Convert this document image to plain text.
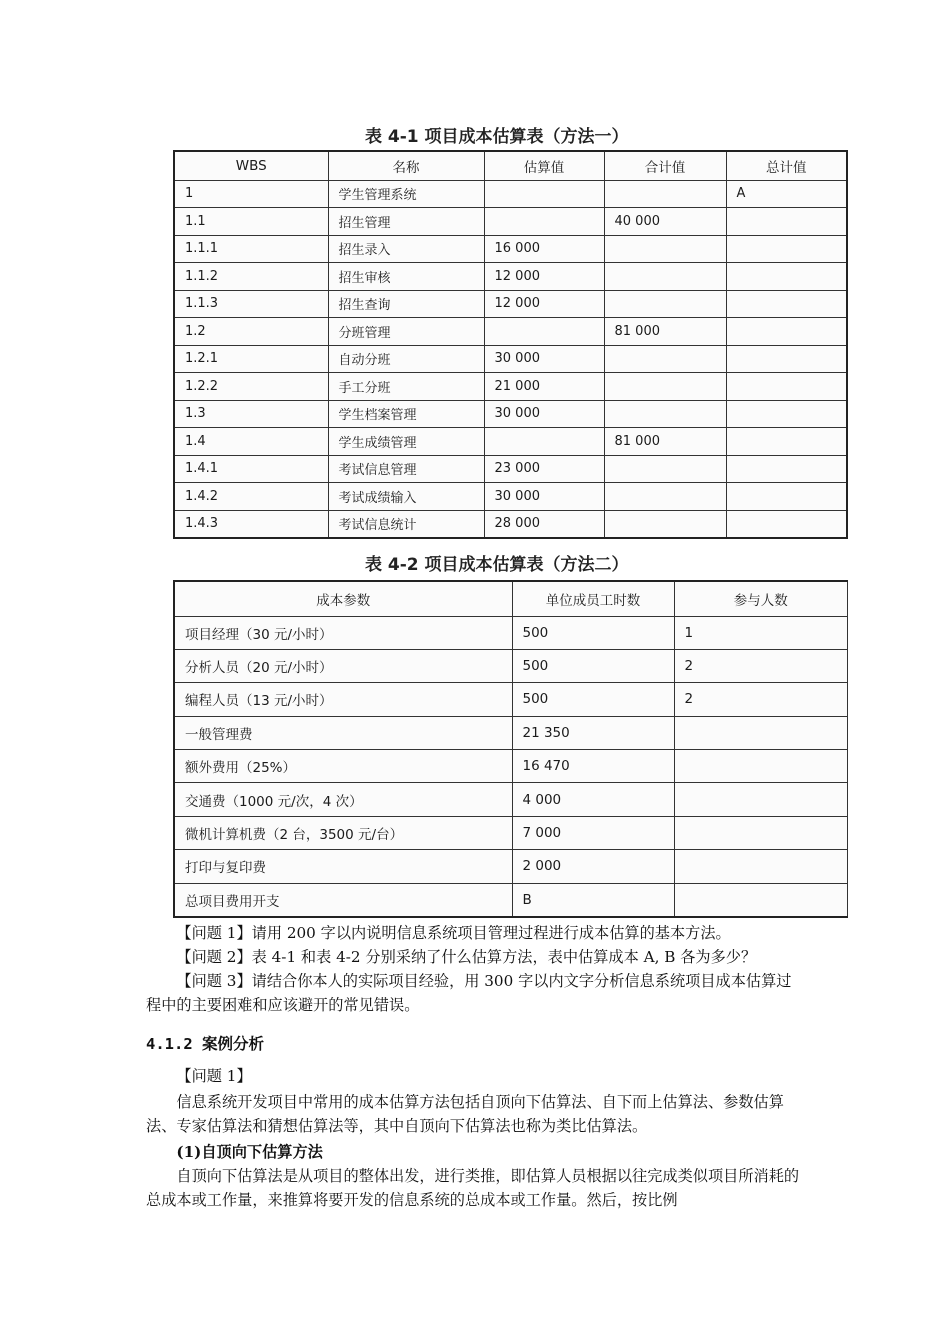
表 4-1 项目成本估算表（方法一）
WBS	名称	估算值	合计值	总计值
1	学生管理系统			A
1.1	招生管理		40 000	
1.1.1	招生录入	16 000		
1.1.2	招生审核	12 000		
1.1.3	招生查询	12 000		
1.2	分班管理		81 000	
1.2.1	自动分班	30 000		
1.2.2	手工分班	21 000		
1.3	学生档案管理	30 000		
1.4	学生成绩管理		81 000	
1.4.1	考试信息管理	23 000		
1.4.2	考试成绩输入	30 000		
1.4.3	考试信息统计	28 000		
表 4-2 项目成本估算表（方法二）
成本参数	单位成员工时数	参与人数
项目经理（30 元/小时）	500	1
分析人员（20 元/小时）	500	2
编程人员（13 元/小时）	500	2
一般管理费	21 350	
额外费用（25%）	16 470	
交通费（1000 元/次，4 次）	4 000	
微机计算机费（2 台，3500 元/台）	7 000	
打印与复印费	2 000	
总项目费用开支	B	
【问题 1】请用 200 字以内说明信息系统项目管理过程进行成本估算的基本方法。
【问题 2】表 4-1 和表 4-2 分别采纳了什么估算方法，表中估算成本 A, B 各为多少？
【问题 3】请结合你本人的实际项目经验，用 300 字以内文字分析信息系统项目成本估算过程中的主要困难和应该避开的常见错误。
4.1.2 案例分析
【问题 1】
信息系统开发项目中常用的成本估算方法包括自顶向下估算法、自下而上估算法、参数估算法、专家估算法和猜想估算法等，其中自顶向下估算法也称为类比估算法。
(1)自顶向下估算方法
自顶向下估算法是从项目的整体出发，进行类推，即估算人员根据以往完成类似项目所消耗的总成本或工作量，来推算将要开发的信息系统的总成本或工作量。然后，按比例
